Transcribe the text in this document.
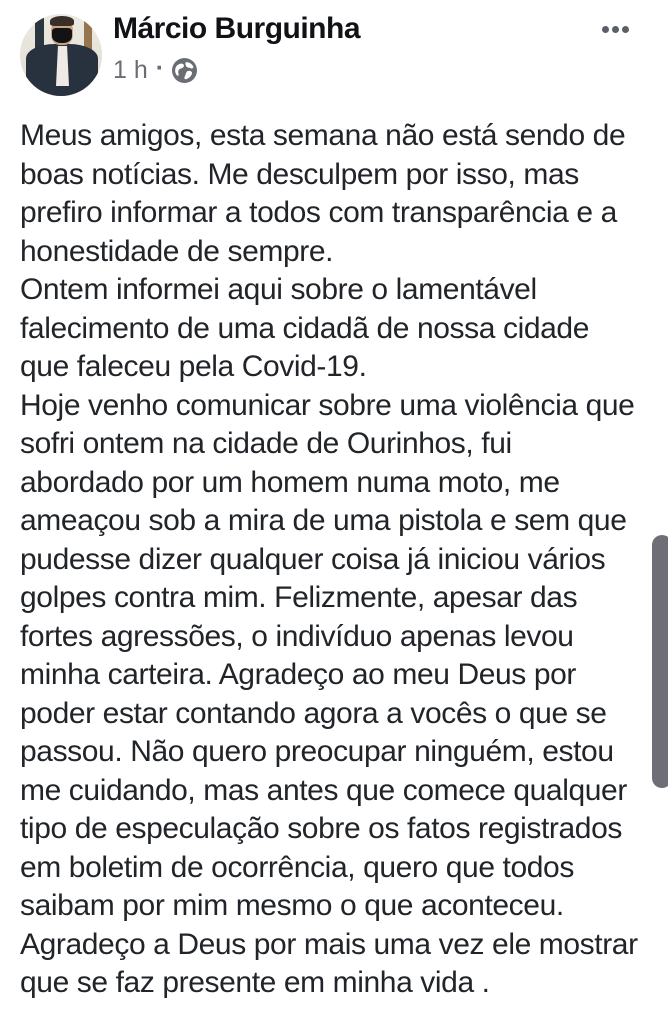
Márcio Burguinha
1 h ·
Meus amigos, esta semana não está sendo de
boas notícias. Me desculpem por isso, mas
prefiro informar a todos com transparência e a
honestidade de sempre.
Ontem informei aqui sobre o lamentável
falecimento de uma cidadã de nossa cidade
que faleceu pela Covid-19.
Hoje venho comunicar sobre uma violência que
sofri ontem na cidade de Ourinhos, fui
abordado por um homem numa moto, me
ameaçou sob a mira de uma pistola e sem que
pudesse dizer qualquer coisa já iniciou vários
golpes contra mim. Felizmente, apesar das
fortes agressões, o indivíduo apenas levou
minha carteira. Agradeço ao meu Deus por
poder estar contando agora a vocês o que se
passou. Não quero preocupar ninguém, estou
me cuidando, mas antes que comece qualquer
tipo de especulação sobre os fatos registrados
em boletim de ocorrência, quero que todos
saibam por mim mesmo o que aconteceu.
Agradeço a Deus por mais uma vez ele mostrar
que se faz presente em minha vida .
